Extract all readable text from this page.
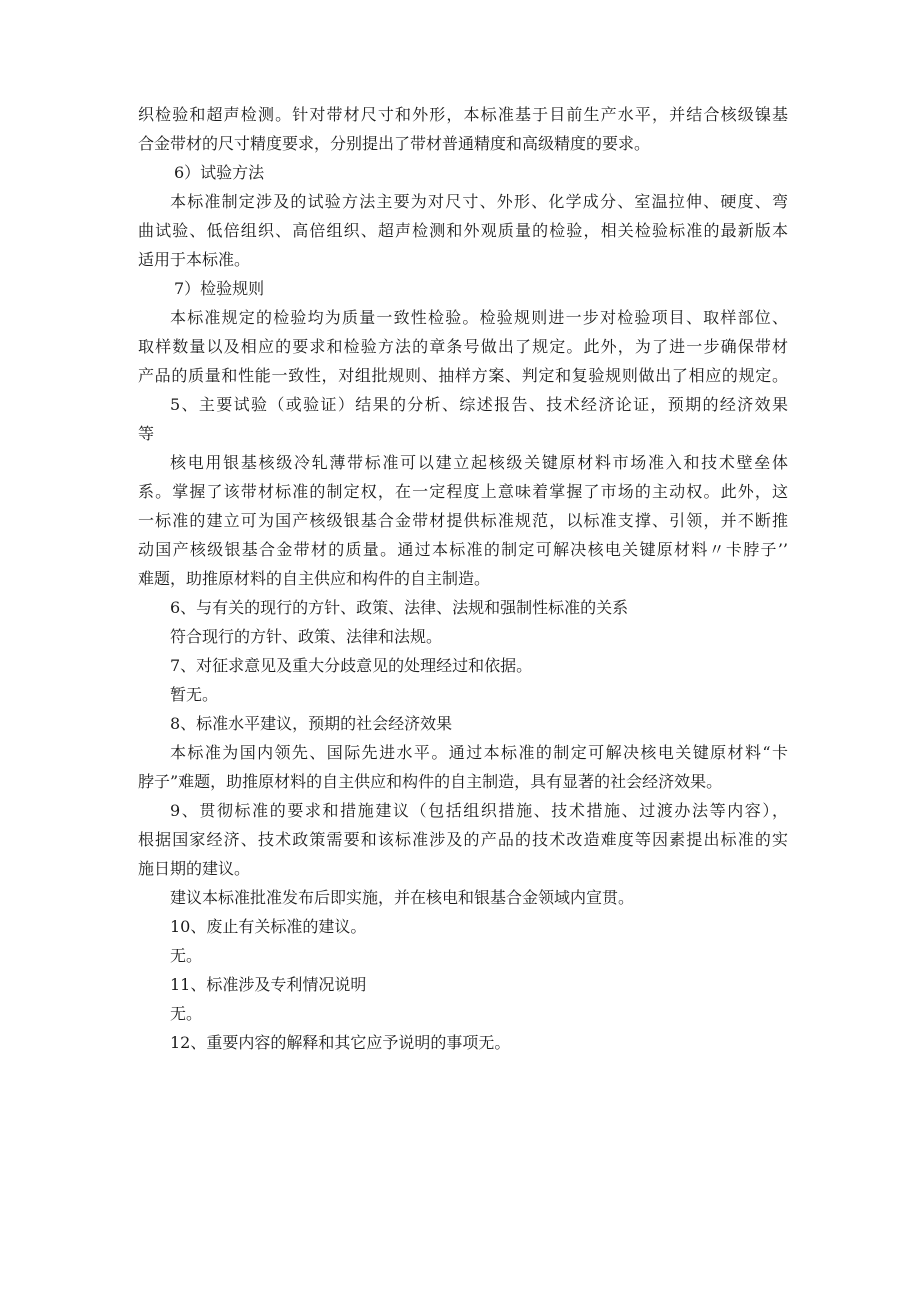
织检验和超声检测。针对带材尺寸和外形，本标准基于目前生产水平，并结合核级镍基
合金带材的尺寸精度要求，分别提出了带材普通精度和高级精度的要求。
6）试验方法
本标准制定涉及的试验方法主要为对尺寸、外形、化学成分、室温拉伸、硬度、弯
曲试验、低倍组织、高倍组织、超声检测和外观质量的检验，相关检验标准的最新版本
适用于本标准。
7）检验规则
本标准规定的检验均为质量一致性检验。检验规则进一步对检验项目、取样部位、
取样数量以及相应的要求和检验方法的章条号做出了规定。此外，为了进一步确保带材
产品的质量和性能一致性，对组批规则、抽样方案、判定和复验规则做出了相应的规定。
5、主要试验（或验证）结果的分析、综述报告、技术经济论证，预期的经济效果
等
核电用银基核级冷轧薄带标准可以建立起核级关键原材料市场准入和技术壁垒体
系。掌握了该带材标准的制定权，在一定程度上意味着掌握了市场的主动权。此外，这
一标准的建立可为国产核级银基合金带材提供标准规范，以标准支撑、引领，并不断推
动国产核级银基合金带材的质量。通过本标准的制定可解决核电关键原材料〃卡脖子’’
难题，助推原材料的自主供应和构件的自主制造。
6、与有关的现行的方针、政策、法律、法规和强制性标准的关系
符合现行的方针、政策、法律和法规。
7、对征求意见及重大分歧意见的处理经过和依据。
暂无。
8、标准水平建议，预期的社会经济效果
本标准为国内领先、国际先进水平。通过本标准的制定可解决核电关键原材料“卡
脖子”难题，助推原材料的自主供应和构件的自主制造，具有显著的社会经济效果。
9、贯彻标准的要求和措施建议（包括组织措施、技术措施、过渡办法等内容），
根据国家经济、技术政策需要和该标准涉及的产品的技术改造难度等因素提出标准的实
施日期的建议。
建议本标准批准发布后即实施，并在核电和银基合金领域内宣贯。
10、废止有关标准的建议。
无。
11、标准涉及专利情况说明
无。
12、重要内容的解释和其它应予说明的事项无。
